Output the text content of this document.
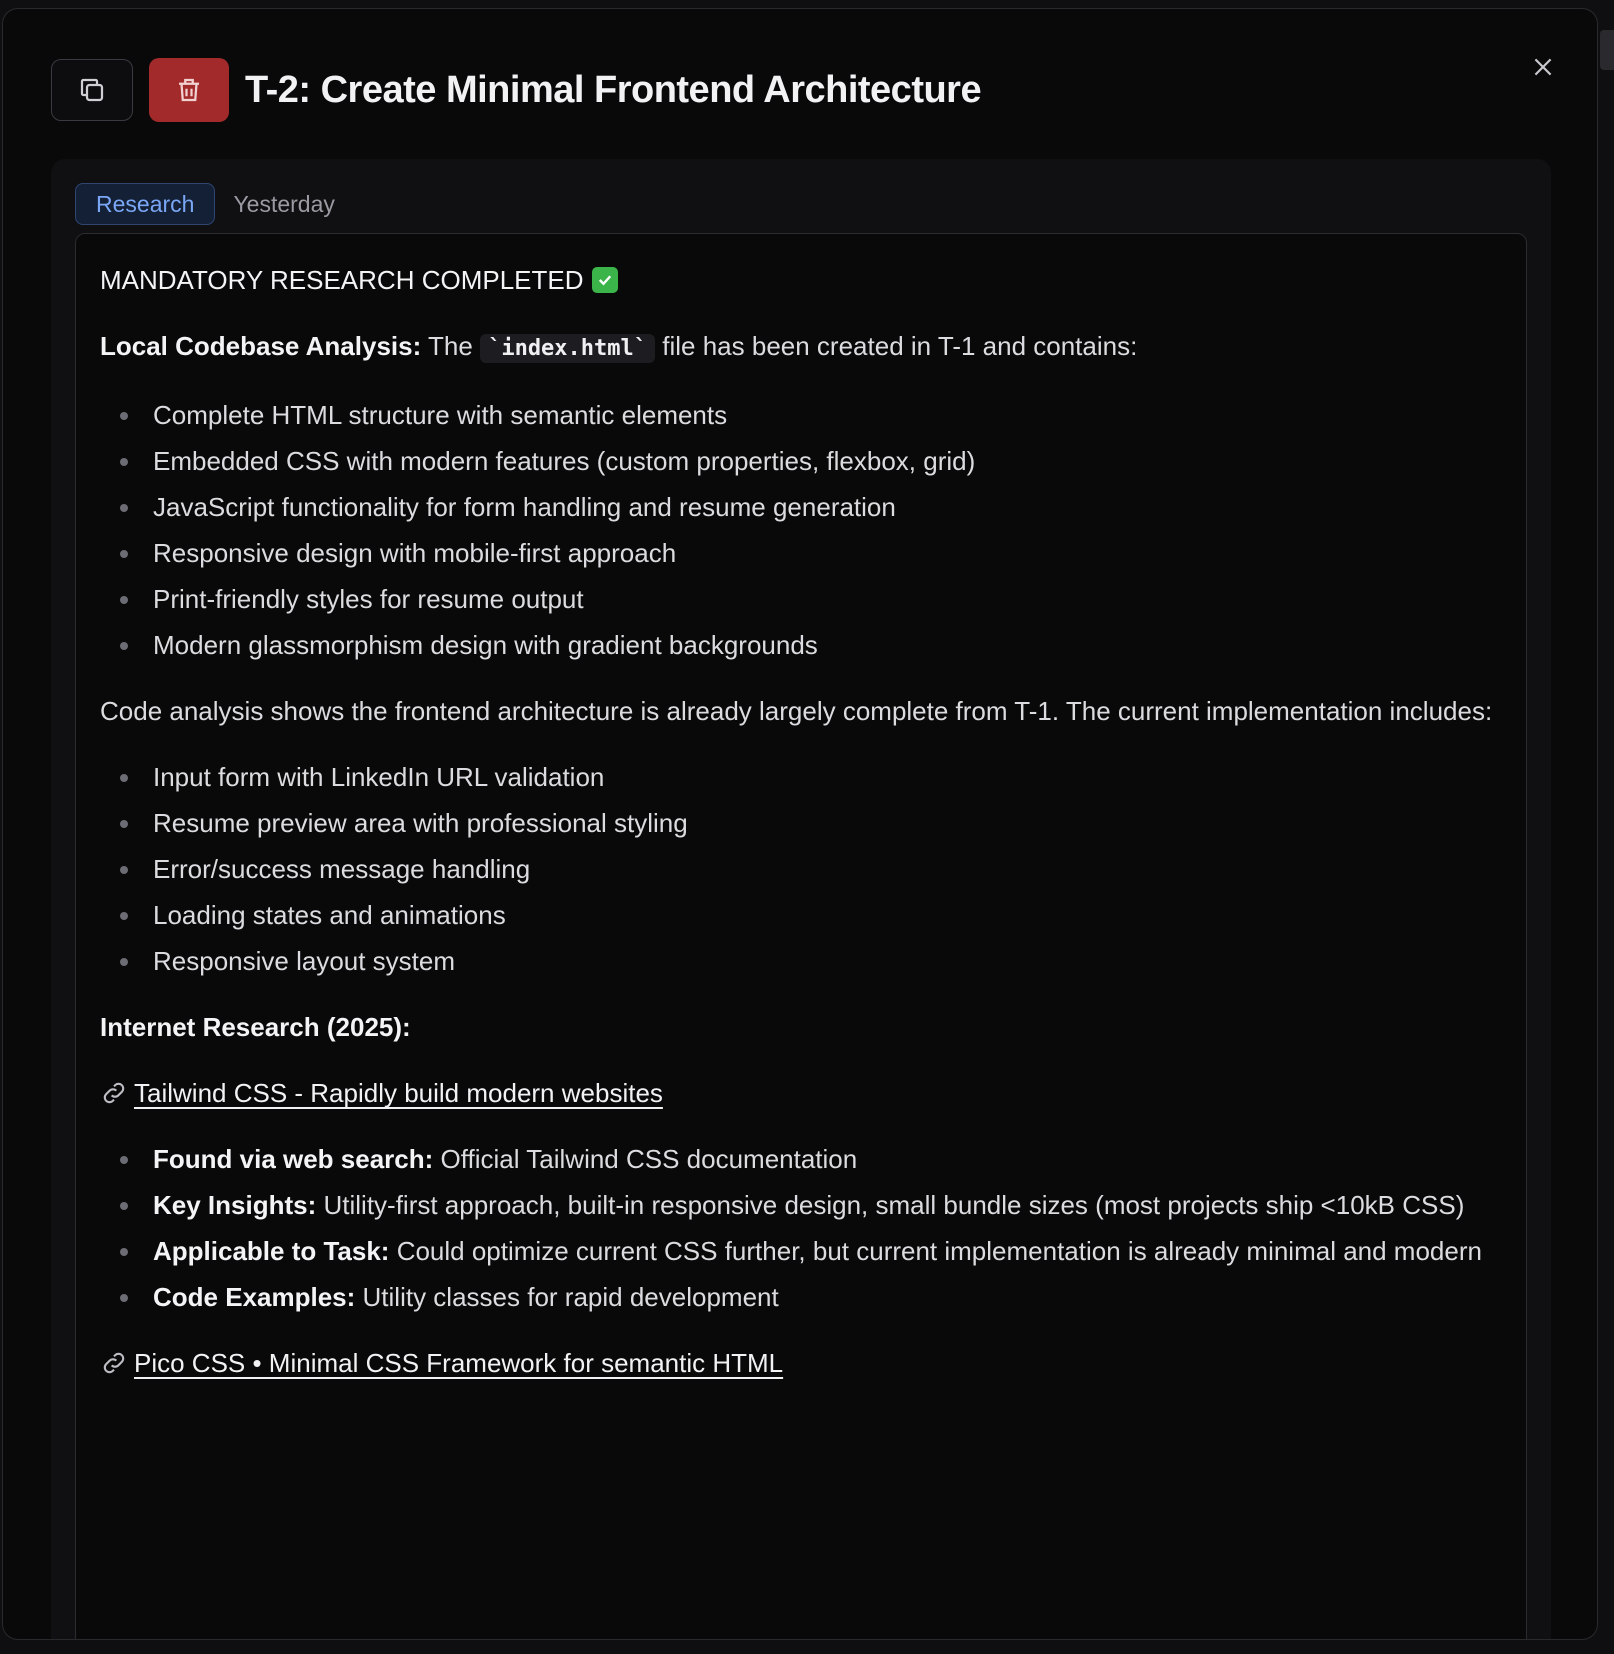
T-2: Create Minimal Frontend Architecture
Research	Yesterday
MANDATORY RESEARCH COMPLETED

Local Codebase Analysis: The `index.html` file has been created in T-1 and contains:

Complete HTML structure with semantic elements
Embedded CSS with modern features (custom properties, flexbox, grid)
JavaScript functionality for form handling and resume generation
Responsive design with mobile-first approach
Print-friendly styles for resume output
Modern glassmorphism design with gradient backgrounds

Code analysis shows the frontend architecture is already largely complete from T-1. The current implementation includes:

Input form with LinkedIn URL validation
Resume preview area with professional styling
Error/success message handling
Loading states and animations
Responsive layout system

Internet Research (2025):

Tailwind CSS - Rapidly build modern websites
Found via web search: Official Tailwind CSS documentation
Key Insights: Utility-first approach, built-in responsive design, small bundle sizes (most projects ship <10kB CSS)
Applicable to Task: Could optimize current CSS further, but current implementation is already minimal and modern
Code Examples: Utility classes for rapid development
Pico CSS • Minimal CSS Framework for semantic HTML
